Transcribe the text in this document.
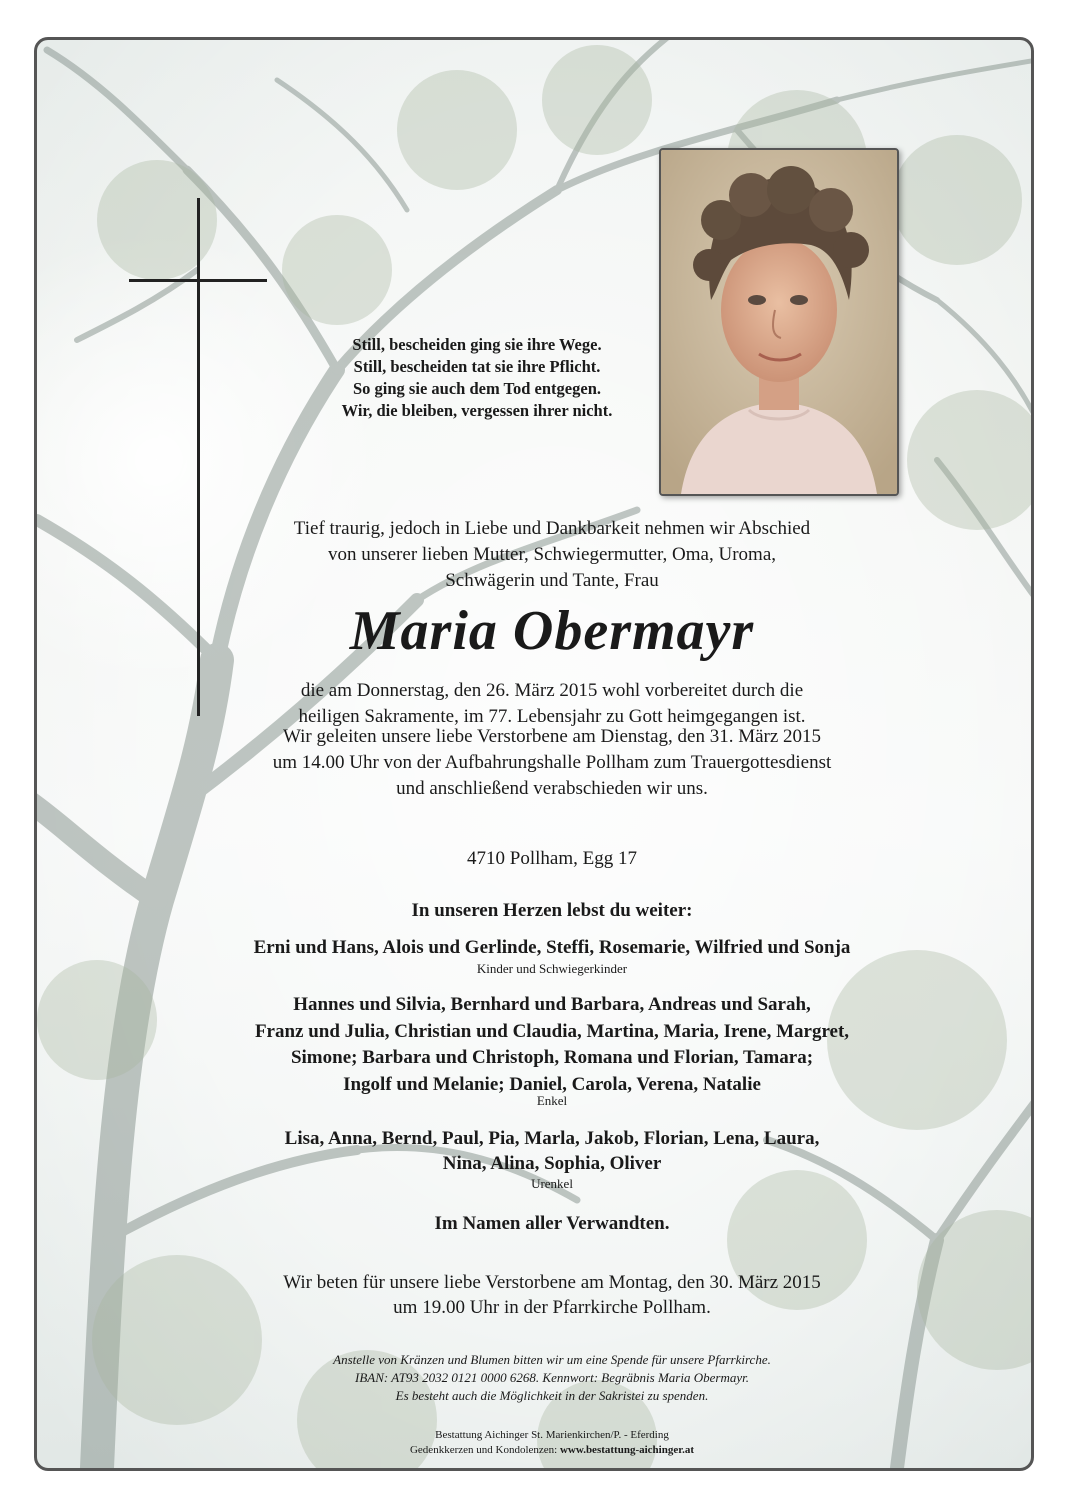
Still, bescheiden ging sie ihre Wege.
Still, bescheiden tat sie ihre Pflicht.
So ging sie auch dem Tod entgegen.
Wir, die bleiben, vergessen ihrer nicht.
Tief traurig, jedoch in Liebe und Dankbarkeit nehmen wir Abschied
von unserer lieben Mutter, Schwiegermutter, Oma, Uroma,
Schwägerin und Tante, Frau
Maria Obermayr
die am Donnerstag, den 26. März 2015 wohl vorbereitet durch die
heiligen Sakramente, im 77. Lebensjahr zu Gott heimgegangen ist.
Wir geleiten unsere liebe Verstorbene am Dienstag, den 31. März 2015
um 14.00 Uhr von der Aufbahrungshalle Pollham zum Trauergottesdienst
und anschließend verabschieden wir uns.
4710 Pollham, Egg 17
In unseren Herzen lebst du weiter:
Erni und Hans, Alois und Gerlinde, Steffi, Rosemarie, Wilfried und Sonja
Kinder und Schwiegerkinder
Hannes und Silvia, Bernhard und Barbara, Andreas und Sarah,
Franz und Julia, Christian und Claudia, Martina, Maria, Irene, Margret,
Simone; Barbara und Christoph, Romana und Florian, Tamara;
Ingolf und Melanie; Daniel, Carola, Verena, Natalie
Enkel
Lisa, Anna, Bernd, Paul, Pia, Marla, Jakob, Florian, Lena, Laura,
Nina, Alina, Sophia, Oliver
Urenkel
Im Namen aller Verwandten.
Wir beten für unsere liebe Verstorbene am Montag, den 30. März 2015
um 19.00 Uhr in der Pfarrkirche Pollham.
Anstelle von Kränzen und Blumen bitten wir um eine Spende für unsere Pfarrkirche.
IBAN: AT93 2032 0121 0000 6268. Kennwort: Begräbnis Maria Obermayr.
Es besteht auch die Möglichkeit in der Sakristei zu spenden.
Bestattung Aichinger St. Marienkirchen/P. - Eferding
Gedenkkerzen und Kondolenzen: www.bestattung-aichinger.at
